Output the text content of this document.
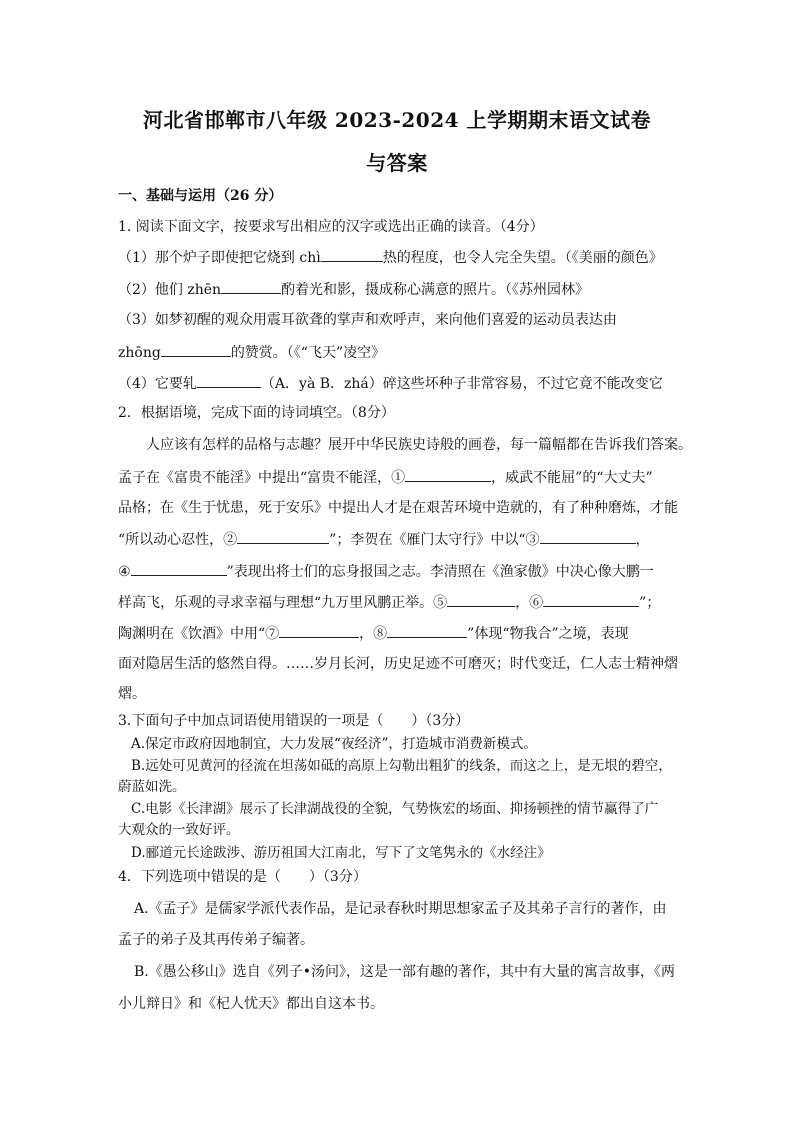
河北省邯郸市八年级 2023-2024 上学期期末语文试卷
与答案
一、基础与运用（26 分）
1. 阅读下面文字，按要求写出相应的汉字或选出正确的读音。（4分）
（1）那个炉子即使把它烧到 chì	热的程度，也令人完全失望。（《美丽的颜色》
（2）他们 zhēn	酌着光和影，摄成称心满意的照片。（《苏州园林》
（3）如梦初醒的观众用震耳欲聋的掌声和欢呼声，来向他们喜爱的运动员表达由
zhōng	的赞赏。（《“飞天”凌空》
（4）它要轧	（A．yà B．zhá）碎这些坏种子非常容易，不过它竟不能改变它
2．根据语境，完成下面的诗词填空。（8分）
人应该有怎样的品格与志趣？展开中华民族史诗般的画卷，每一篇幅都在告诉我们答案。
孟子在《富贵不能淫》中提出“富贵不能淫，①	，威武不能屈”的“大丈夫”
品格；在《生于忧患，死于安乐》中提出人才是在艰苦环境中造就的，有了种种磨炼，才能
“所以动心忍性，②	”；李贺在《雁门太守行》中以“③	，
④	”表现出将士们的忘身报国之志。李清照在《渔家傲》中决心像大鹏一
样高飞，乐观的寻求幸福与理想“九万里风鹏正举。⑤	，⑥	”；
陶渊明在《饮酒》中用“⑦	，⑧	”体现“物我合”之境，表现
面对隐居生活的悠然自得。……岁月长河，历史足迹不可磨灭；时代变迁，仁人志士精神熠
熠。
3.下面句子中加点词语使用错误的一项是（　　）（3分）
A.保定市政府因地制宜，大力发展“夜经济”，打造城市消费新模式。
B.远处可见黄河的径流在坦荡如砥的高原上勾勒出粗犷的线条，而这之上，是无垠的碧空，
蔚蓝如洗。
C.电影《长津湖》展示了长津湖战役的全貌，气势恢宏的场面、抑扬顿挫的情节赢得了广
大观众的一致好评。
D.郦道元长途跋涉、游历祖国大江南北，写下了文笔隽永的《水经注》
4．下列选项中错误的是（　　）（3分）
A.《孟子》是儒家学派代表作品，是记录春秋时期思想家孟子及其弟子言行的著作，由
孟子的弟子及其再传弟子编著。
B.《愚公移山》选自《列子•汤问》，这是一部有趣的著作，其中有大量的寓言故事，《两
小儿辩日》和《杞人忧天》都出自这本书。
